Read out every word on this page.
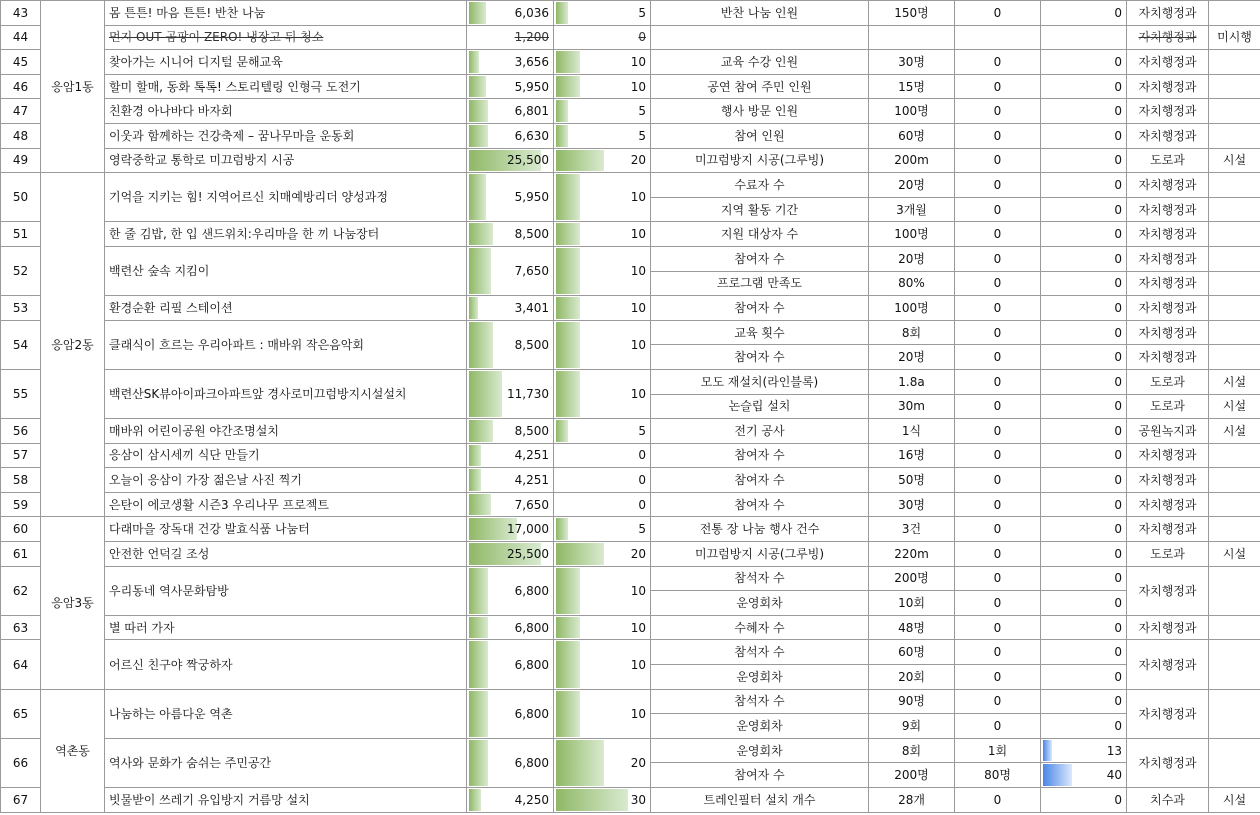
43	응암1동	몸 튼튼! 마음 튼튼! 반찬 나눔	6,036	5	반찬 나눔 인원	150명	0	0	자치행정과	
44		먼지 OUT 곰팡이 ZERO! 냉장고 뒤 청소	1,200	0					자치행정과	미시행
45		찾아가는 시니어 디지털 문해교육	3,656	10	교육 수강 인원	30명	0	0	자치행정과	
46		할미 할매, 동화 톡톡! 스토리텔링 인형극 도전기	5,950	10	공연 참여 주민 인원	15명	0	0	자치행정과	
47		친환경 아나바다 바자회	6,801	5	행사 방문 인원	100명	0	0	자치행정과	
48		이웃과 함께하는 건강축제 – 꿈나무마을 운동회	6,630	5	참여 인원	60명	0	0	자치행정과	
49		영락중학교 통학로 미끄럼방지 시공	25,500	20	미끄럼방지 시공(그루빙)	200m	0	0	도로과	시설
50	응암2동	기억을 지키는 힘! 지역어르신 치매예방리더 양성과정	5,950	10	수료자 수	20명	0	0	자치행정과	
					지역 활동 기간	3개월	0	0	자치행정과	
51		한 줄 김밥, 한 입 샌드위치:우리마을 한 끼 나눔장터	8,500	10	지원 대상자 수	100명	0	0	자치행정과	
52		백련산 숲속 지킴이	7,650	10	참여자 수	20명	0	0	자치행정과	
					프로그램 만족도	80%	0	0	자치행정과	
53		환경순환 리필 스테이션	3,401	10	참여자 수	100명	0	0	자치행정과	
54		클래식이 흐르는 우리아파트 : 매바위 작은음악회	8,500	10	교육 횟수	8회	0	0	자치행정과	
					참여자 수	20명	0	0	자치행정과	
55		백련산SK뷰아이파크아파트앞 경사로미끄럼방지시설설치	11,730	10	모도 재설치(라인블록)	1.8a	0	0	도로과	시설
					논슬립 설치	30m	0	0	도로과	시설
56		매바위 어린이공원 야간조명설치	8,500	5	전기 공사	1식	0	0	공원녹지과	시설
57		응삼이 삼시세끼 식단 만들기	4,251	0	참여자 수	16명	0	0	자치행정과	
58		오늘이 응삼이 가장 젊은날 사진 찍기	4,251	0	참여자 수	50명	0	0	자치행정과	
59		은탄이 에코생활 시즌3 우리나무 프로젝트	7,650	0	참여자 수	30명	0	0	자치행정과	
60	응암3동	다래마을 장독대 건강 발효식품 나눔터	17,000	5	전통 장 나눔 행사 건수	3건	0	0	자치행정과	
61		안전한 언덕길 조성	25,500	20	미끄럼방지 시공(그루빙)	220m	0	0	도로과	시설
62		우리동네 역사문화탐방	6,800	10	참석자 수	200명	0	0	자치행정과	
					운영회차	10회	0	0		
63		별 따러 가자	6,800	10	수혜자 수	48명	0	0	자치행정과	
64		어르신 친구야 짝궁하자	6,800	10	참석자 수	60명	0	0	자치행정과	
					운영회차	20회	0	0		
65	역촌동	나눔하는 아름다운 역촌	6,800	10	참석자 수	90명	0	0	자치행정과	
					운영회차	9회	0	0		
66		역사와 문화가 숨쉬는 주민공간	6,800	20	운영회차	8회	1회	13	자치행정과	
					참여자 수	200명	80명	40		
67		빗물받이 쓰레기 유입방지 거름망 설치	4,250	30	트레인필터 설치 개수	28개	0	0	치수과	시설
